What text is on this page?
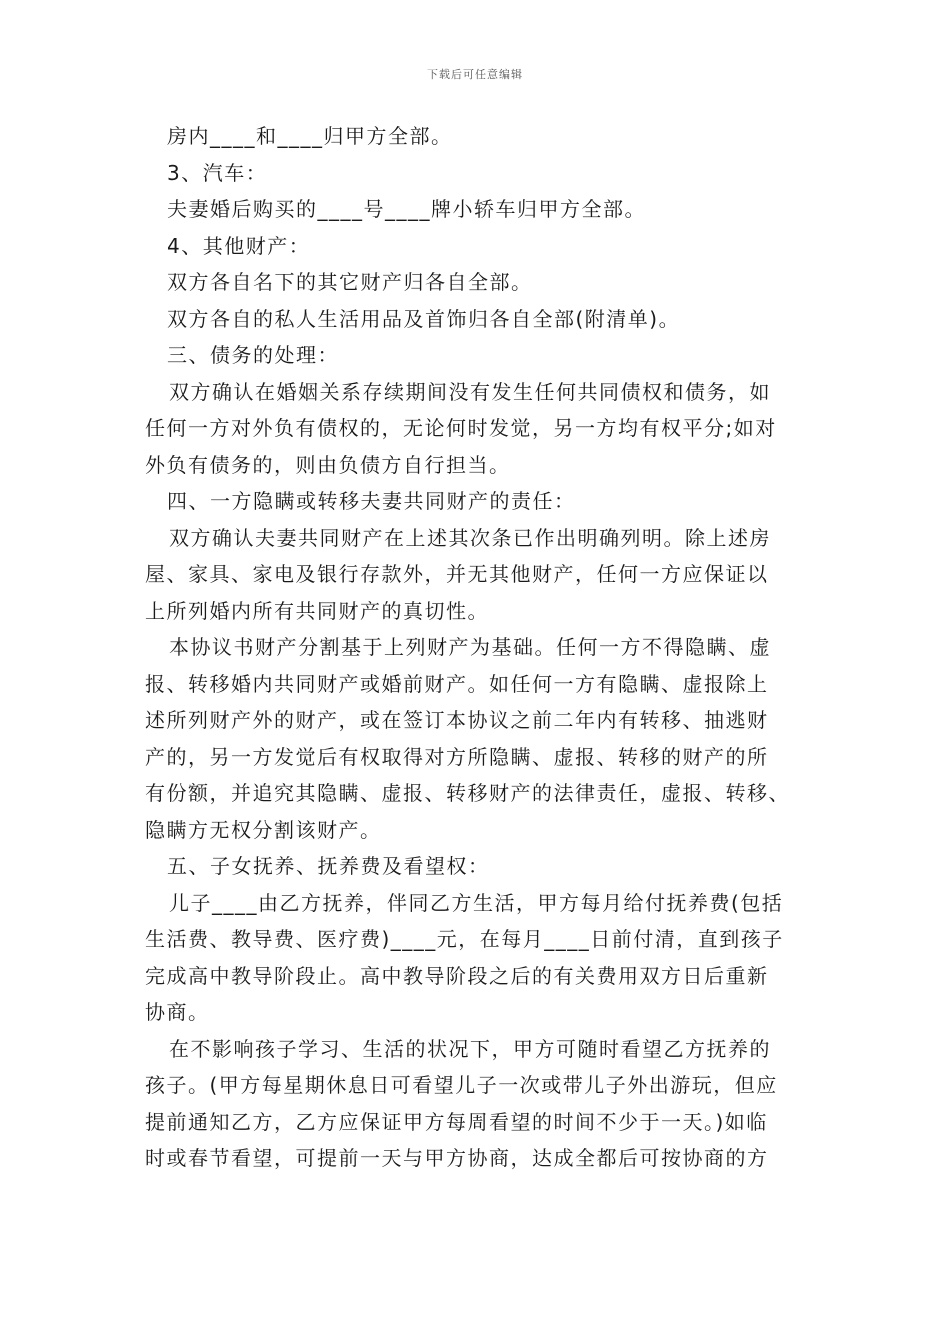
下载后可任意编辑
房内____和____归甲方全部。
3、汽车：
夫妻婚后购买的____号____牌小轿车归甲方全部。
4、其他财产：
双方各自名下的其它财产归各自全部。
双方各自的私人生活用品及首饰归各自全部(附清单)。
三、债务的处理：
双方确认在婚姻关系存续期间没有发生任何共同债权和债务，如
任何一方对外负有债权的，无论何时发觉，另一方均有权平分;如对
外负有债务的，则由负债方自行担当。
四、一方隐瞒或转移夫妻共同财产的责任：
双方确认夫妻共同财产在上述其次条已作出明确列明。除上述房
屋、家具、家电及银行存款外，并无其他财产，任何一方应保证以
上所列婚内所有共同财产的真切性。
本协议书财产分割基于上列财产为基础。任何一方不得隐瞒、虚
报、转移婚内共同财产或婚前财产。如任何一方有隐瞒、虚报除上
述所列财产外的财产，或在签订本协议之前二年内有转移、抽逃财
产的，另一方发觉后有权取得对方所隐瞒、虚报、转移的财产的所
有份额，并追究其隐瞒、虚报、转移财产的法律责任，虚报、转移、
隐瞒方无权分割该财产。
五、子女抚养、抚养费及看望权：
儿子____由乙方抚养，伴同乙方生活，甲方每月给付抚养费(包括
生活费、教导费、医疗费)____元，在每月____日前付清，直到孩子
完成高中教导阶段止。高中教导阶段之后的有关费用双方日后重新
协商。
在不影响孩子学习、生活的状况下，甲方可随时看望乙方抚养的
孩子。(甲方每星期休息日可看望儿子一次或带儿子外出游玩，但应
提前通知乙方，乙方应保证甲方每周看望的时间不少于一天。)如临
时或春节看望，可提前一天与甲方协商，达成全都后可按协商的方
